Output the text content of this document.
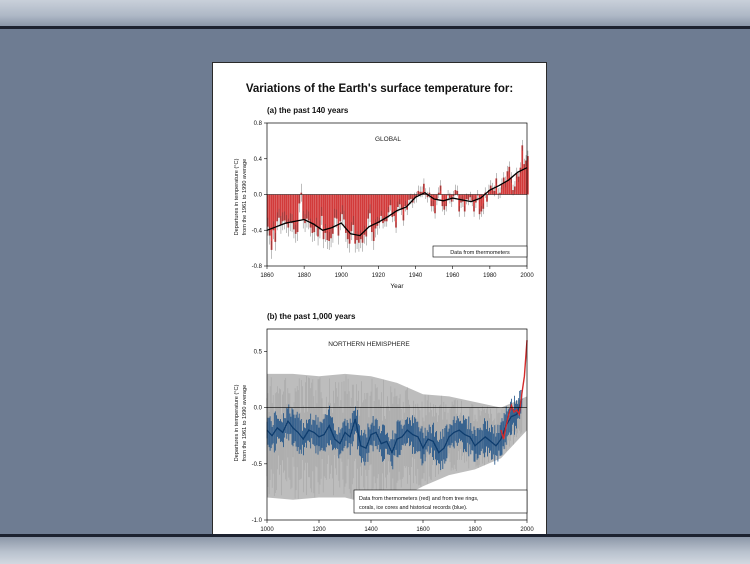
Variations of the Earth's surface temperature for:
(a) the past 140 years
0.8
0.4
0.0
-0.4
-0.8
1860	1880	1900	1920	1940	1960	1980	2000
GLOBAL
Data from thermometers
Year
Departures in temperature (°C) from the 1961 to 1990 average
(b) the past 1,000 years
0.5
0.0
-0.5
-1.0
1000	1200	1400	1600	1800	2000
NORTHERN HEMISPHERE
Data from thermometers (red) and from tree rings,
corals, ice cores and historical records (blue).
Departures in temperature (°C) from the 1961 to 1990 average
